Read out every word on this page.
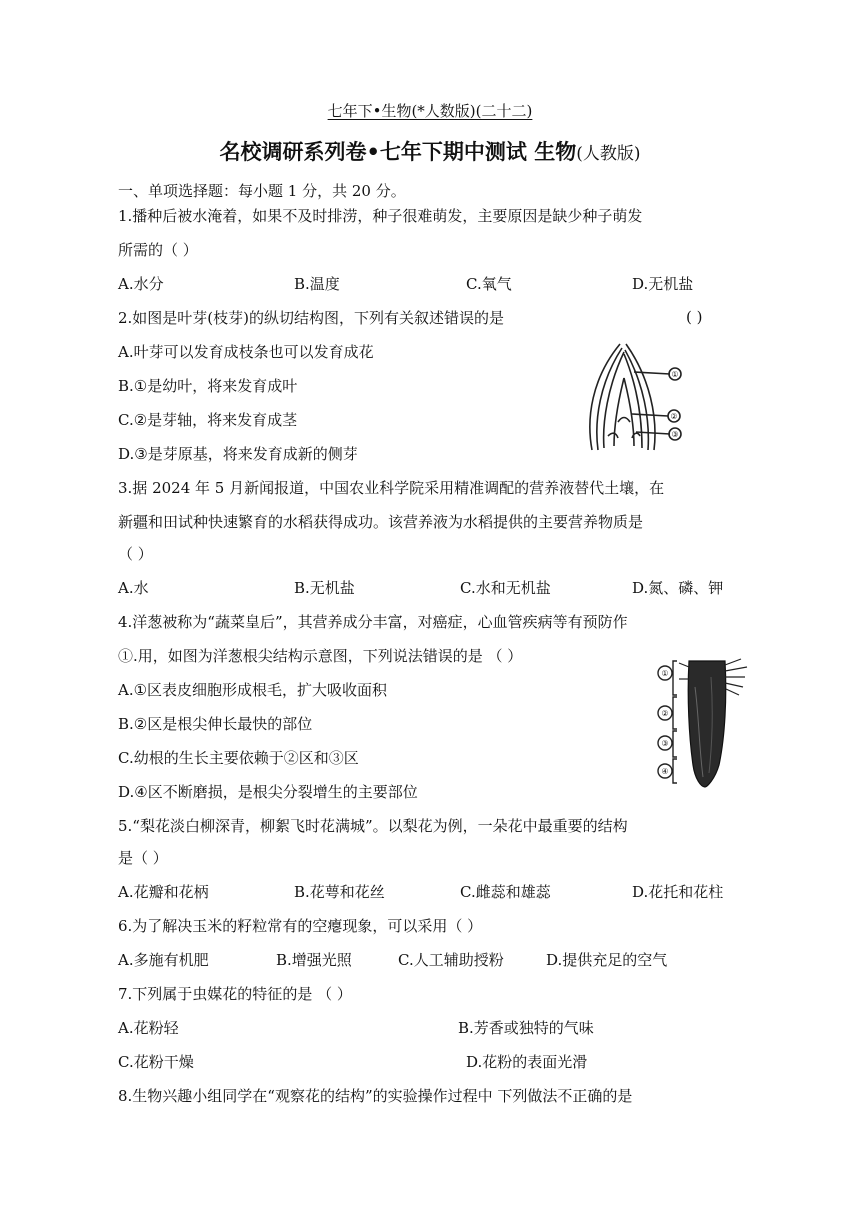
七年下•生物(*人数版)(二十二)
名校调研系列卷•七年下期中测试 生物(人教版)
一、单项选择题：每小题 1 分，共 20 分。
1.播种后被水淹着，如果不及时排涝，种子很难萌发，主要原因是缺少种子萌发
所需的（ ）
A.水分	B.温度	C.氧气	D.无机盐
2.如图是叶芽(枝芽)的纵切结构图，下列有关叙述错误的是	( )
A.叶芽可以发育成枝条也可以发育成花
B.①是幼叶，将来发育成叶
C.②是芽轴，将来发育成茎
D.③是芽原基，将来发育成新的侧芽
①
②
③
3.据 2024 年 5 月新闻报道，中国农业科学院采用精准调配的营养液替代土壤，在
新疆和田试种快速繁育的水稻获得成功。该营养液为水稻提供的主要营养物质是
（ ）
A.水	B.无机盐	C.水和无机盐	D.氮、磷、钾
4.洋葱被称为“蔬菜皇后”，其营养成分丰富，对癌症，心血管疾病等有预防作
①.用，如图为洋葱根尖结构示意图，下列说法错误的是 （ ）
A.①区表皮细胞形成根毛，扩大吸收面积
B.②区是根尖伸长最快的部位
C.幼根的生长主要依赖于②区和③区
D.④区不断磨损，是根尖分裂增生的主要部位
①
②
③
④
5.“梨花淡白柳深青，柳絮飞时花满城”。以梨花为例，一朵花中最重要的结构
是（ ）
A.花瓣和花柄	B.花萼和花丝	C.雌蕊和雄蕊	D.花托和花柱
6.为了解决玉米的籽粒常有的空瘪现象，可以采用（ ）
A.多施有机肥	B.增强光照	C.人工辅助授粉	D.提供充足的空气
7.下列属于虫媒花的特征的是 （ ）
A.花粉轻	B.芳香或独特的气味
C.花粉干燥	D.花粉的表面光滑
8.生物兴趣小组同学在“观察花的结构”的实验操作过程中 下列做法不正确的是
